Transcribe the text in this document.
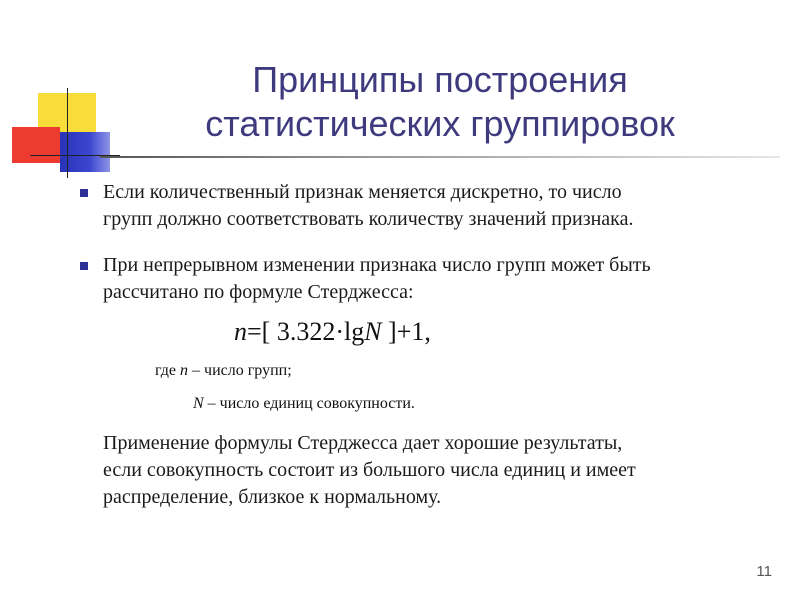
Принципы построения
статистических группировок
Если количественный признак меняется дискретно, то число
групп должно соответствовать количеству значений признака.
При непрерывном изменении признака число групп может быть
рассчитано по формуле Стерджесса:
n=[ 3.322·lgN ]+1,
где n – число групп;
N – число единиц совокупности.
Применение формулы Стерджесса дает хорошие результаты,
если совокупность состоит из большого числа единиц и имеет
распределение, близкое к нормальному.
11
